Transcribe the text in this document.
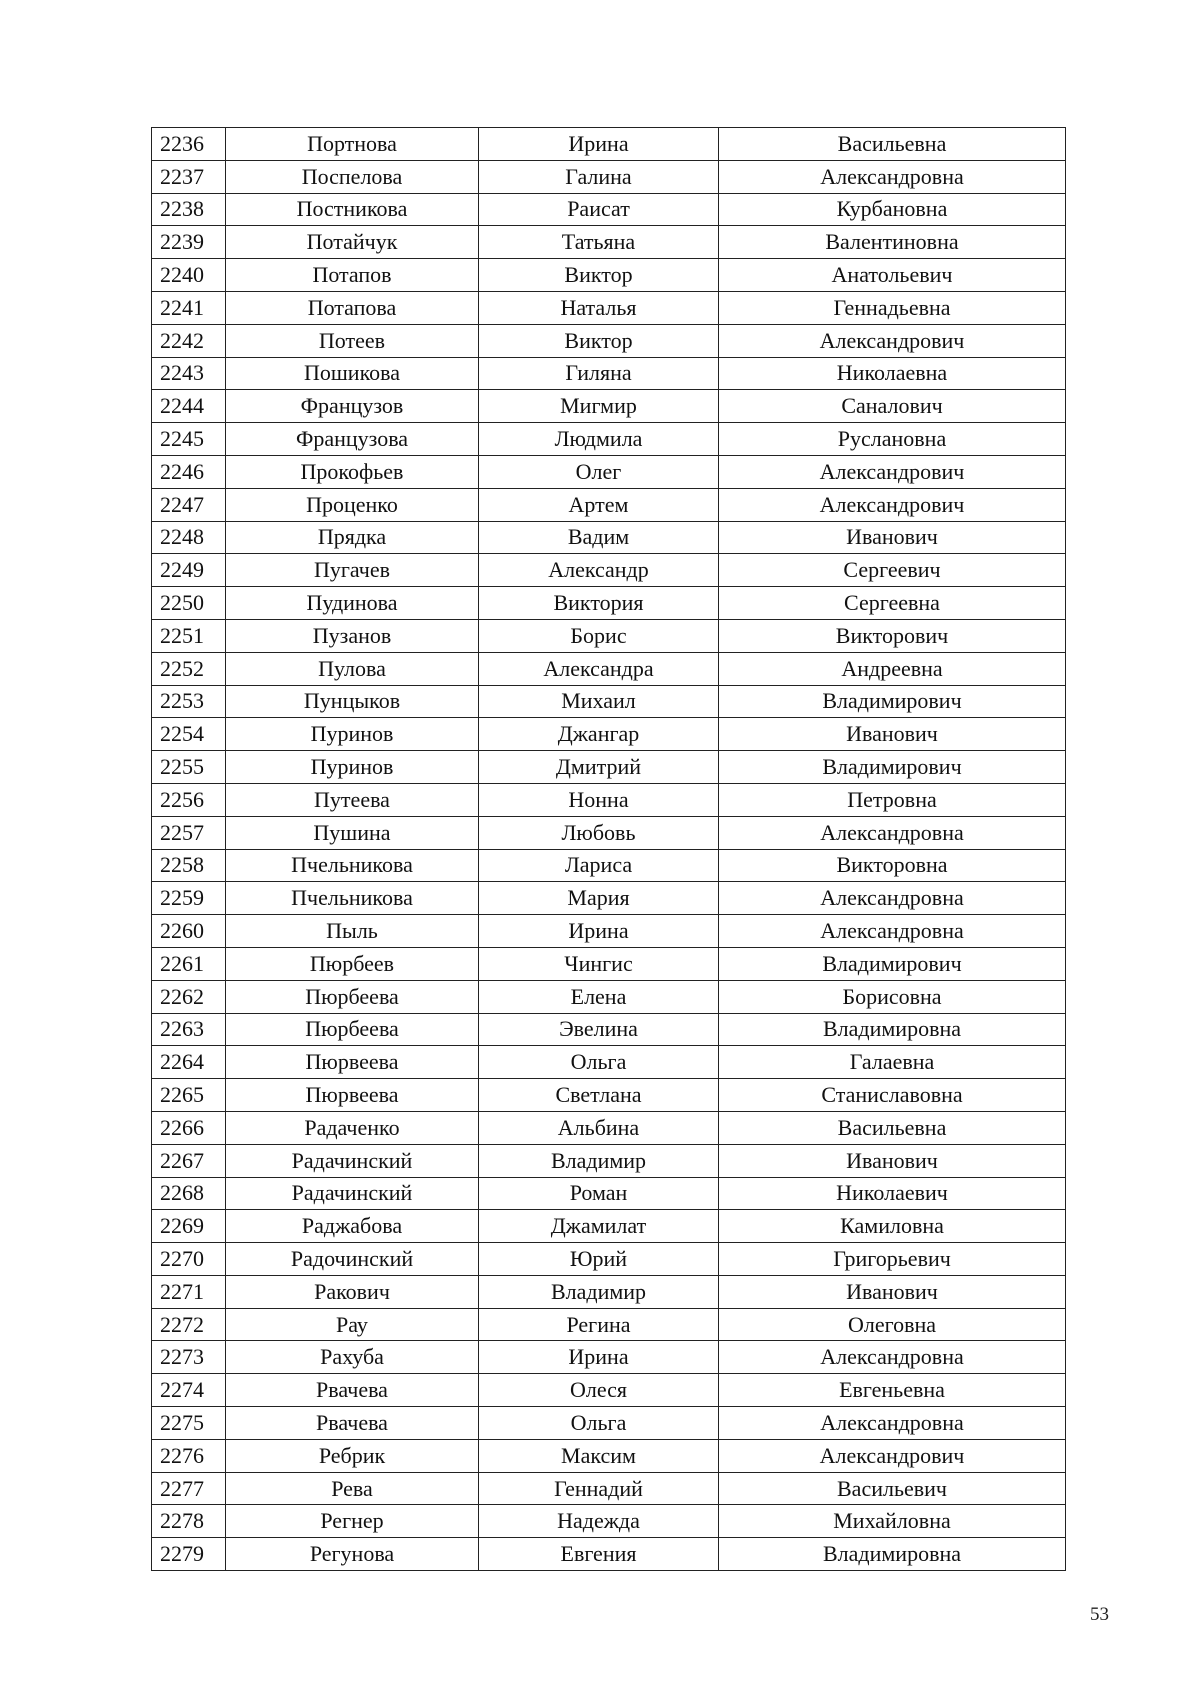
2236	Портнова	Ирина	Васильевна
2237	Поспелова	Галина	Александровна
2238	Постникова	Раисат	Курбановна
2239	Потайчук	Татьяна	Валентиновна
2240	Потапов	Виктор	Анатольевич
2241	Потапова	Наталья	Геннадьевна
2242	Потеев	Виктор	Александрович
2243	Пошикова	Гиляна	Николаевна
2244	Французов	Мигмир	Саналович
2245	Французова	Людмила	Руслановна
2246	Прокофьев	Олег	Александрович
2247	Проценко	Артем	Александрович
2248	Прядка	Вадим	Иванович
2249	Пугачев	Александр	Сергеевич
2250	Пудинова	Виктория	Сергеевна
2251	Пузанов	Борис	Викторович
2252	Пулова	Александра	Андреевна
2253	Пунцыков	Михаил	Владимирович
2254	Пуринов	Джангар	Иванович
2255	Пуринов	Дмитрий	Владимирович
2256	Путеева	Нонна	Петровна
2257	Пушина	Любовь	Александровна
2258	Пчельникова	Лариса	Викторовна
2259	Пчельникова	Мария	Александровна
2260	Пыль	Ирина	Александровна
2261	Пюрбеев	Чингис	Владимирович
2262	Пюрбеева	Елена	Борисовна
2263	Пюрбеева	Эвелина	Владимировна
2264	Пюрвеева	Ольга	Галаевна
2265	Пюрвеева	Светлана	Станиславовна
2266	Радаченко	Альбина	Васильевна
2267	Радачинский	Владимир	Иванович
2268	Радачинский	Роман	Николаевич
2269	Раджабова	Джамилат	Камиловна
2270	Радочинский	Юрий	Григорьевич
2271	Ракович	Владимир	Иванович
2272	Рау	Регина	Олеговна
2273	Рахуба	Ирина	Александровна
2274	Рвачева	Олеся	Евгеньевна
2275	Рвачева	Ольга	Александровна
2276	Ребрик	Максим	Александрович
2277	Рева	Геннадий	Васильевич
2278	Регнер	Надежда	Михайловна
2279	Регунова	Евгения	Владимировна
53
